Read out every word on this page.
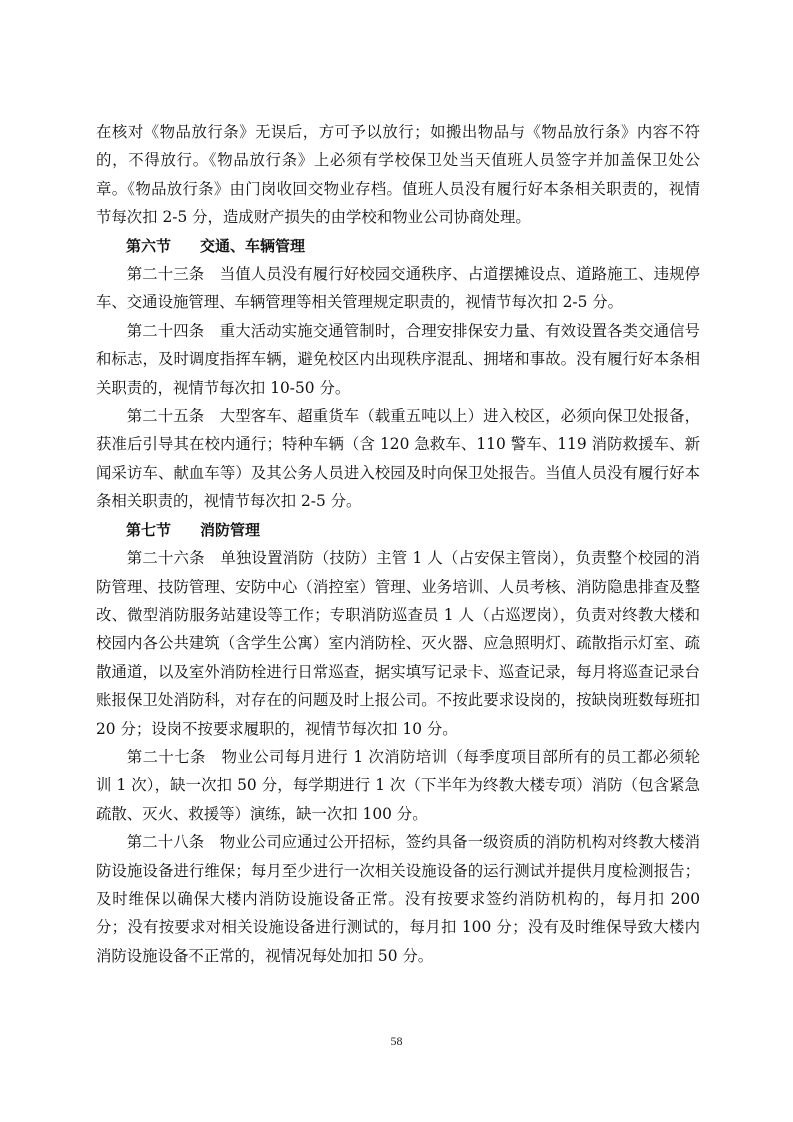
在核对《物品放行条》无误后，方可予以放行；如搬出物品与《物品放行条》内容不符的，不得放行。《物品放行条》上必须有学校保卫处当天值班人员签字并加盖保卫处公章。《物品放行条》由门岗收回交物业存档。值班人员没有履行好本条相关职责的，视情节每次扣 2-5 分，造成财产损失的由学校和物业公司协商处理。

第六节 交通、车辆管理

第二十三条　当值人员没有履行好校园交通秩序、占道摆摊设点、道路施工、违规停车、交通设施管理、车辆管理等相关管理规定职责的，视情节每次扣 2-5 分。

第二十四条　重大活动实施交通管制时，合理安排保安力量、有效设置各类交通信号和标志，及时调度指挥车辆，避免校区内出现秩序混乱、拥堵和事故。没有履行好本条相关职责的，视情节每次扣 10-50 分。

第二十五条　大型客车、超重货车（载重五吨以上）进入校区，必须向保卫处报备，获准后引导其在校内通行；特种车辆（含 120 急救车、110 警车、119 消防救援车、新闻采访车、献血车等）及其公务人员进入校园及时向保卫处报告。当值人员没有履行好本条相关职责的，视情节每次扣 2-5 分。

第七节 消防管理

第二十六条　单独设置消防（技防）主管 1 人（占安保主管岗），负责整个校园的消防管理、技防管理、安防中心（消控室）管理、业务培训、人员考核、消防隐患排查及整改、微型消防服务站建设等工作；专职消防巡查员 1 人（占巡逻岗），负责对终教大楼和校园内各公共建筑（含学生公寓）室内消防栓、灭火器、应急照明灯、疏散指示灯室、疏散通道，以及室外消防栓进行日常巡查，据实填写记录卡、巡查记录，每月将巡查记录台账报保卫处消防科，对存在的问题及时上报公司。不按此要求设岗的，按缺岗班数每班扣 20 分；设岗不按要求履职的，视情节每次扣 10 分。

第二十七条　物业公司每月进行 1 次消防培训（每季度项目部所有的员工都必须轮训 1 次），缺一次扣 50 分，每学期进行 1 次（下半年为终教大楼专项）消防（包含紧急疏散、灭火、救援等）演练，缺一次扣 100 分。

第二十八条　物业公司应通过公开招标，签约具备一级资质的消防机构对终教大楼消防设施设备进行维保；每月至少进行一次相关设施设备的运行测试并提供月度检测报告；及时维保以确保大楼内消防设施设备正常。没有按要求签约消防机构的，每月扣 200 分；没有按要求对相关设施设备进行测试的，每月扣 100 分；没有及时维保导致大楼内消防设施设备不正常的，视情况每处加扣 50 分。

58
